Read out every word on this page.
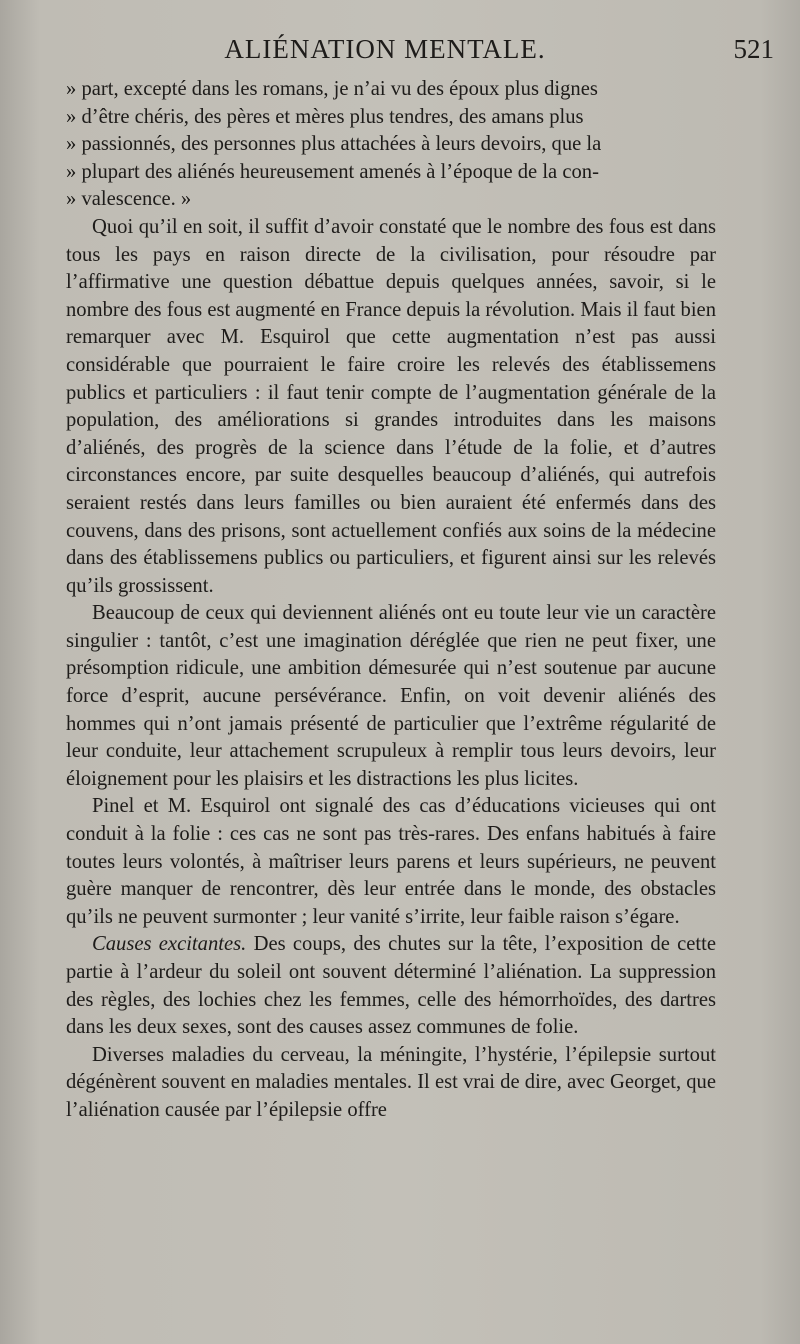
ALIÉNATION MENTALE.	521

» part, excepté dans les romans, je n’ai vu des époux plus dignes
» d’être chéris, des pères et mères plus tendres, des amans plus
» passionnés, des personnes plus attachées à leurs devoirs, que la
» plupart des aliénés heureusement amenés à l’époque de la con-
» valescence. »

Quoi qu’il en soit, il suffit d’avoir constaté que le nombre des fous est dans tous les pays en raison directe de la civilisation, pour résoudre par l’affirmative une question débattue depuis quelques années, savoir, si le nombre des fous est augmenté en France depuis la révolution. Mais il faut bien remarquer avec M. Esquirol que cette augmentation n’est pas aussi considérable que pourraient le faire croire les relevés des établissemens publics et particuliers : il faut tenir compte de l’augmentation générale de la population, des améliorations si grandes introduites dans les maisons d’aliénés, des progrès de la science dans l’étude de la folie, et d’autres circonstances encore, par suite desquelles beaucoup d’aliénés, qui autrefois seraient restés dans leurs familles ou bien auraient été enfermés dans des couvens, dans des prisons, sont actuellement confiés aux soins de la médecine dans des établissemens publics ou particuliers, et figurent ainsi sur les relevés qu’ils grossissent.

Beaucoup de ceux qui deviennent aliénés ont eu toute leur vie un caractère singulier : tantôt, c’est une imagination déréglée que rien ne peut fixer, une présomption ridicule, une ambition démesurée qui n’est soutenue par aucune force d’esprit, aucune persévérance. Enfin, on voit devenir aliénés des hommes qui n’ont jamais présenté de particulier que l’extrême régularité de leur conduite, leur attachement scrupuleux à remplir tous leurs devoirs, leur éloignement pour les plaisirs et les distractions les plus licites.

Pinel et M. Esquirol ont signalé des cas d’éducations vicieuses qui ont conduit à la folie : ces cas ne sont pas très-rares. Des enfans habitués à faire toutes leurs volontés, à maîtriser leurs parens et leurs supérieurs, ne peuvent guère manquer de rencontrer, dès leur entrée dans le monde, des obstacles qu’ils ne peuvent surmonter ; leur vanité s’irrite, leur faible raison s’égare.

Causes excitantes. Des coups, des chutes sur la tête, l’exposition de cette partie à l’ardeur du soleil ont souvent déterminé l’aliénation. La suppression des règles, des lochies chez les femmes, celle des hémorrhoïdes, des dartres dans les deux sexes, sont des causes assez communes de folie.

Diverses maladies du cerveau, la méningite, l’hystérie, l’épilepsie surtout dégénèrent souvent en maladies mentales. Il est vrai de dire, avec Georget, que l’aliénation causée par l’épilepsie offre
